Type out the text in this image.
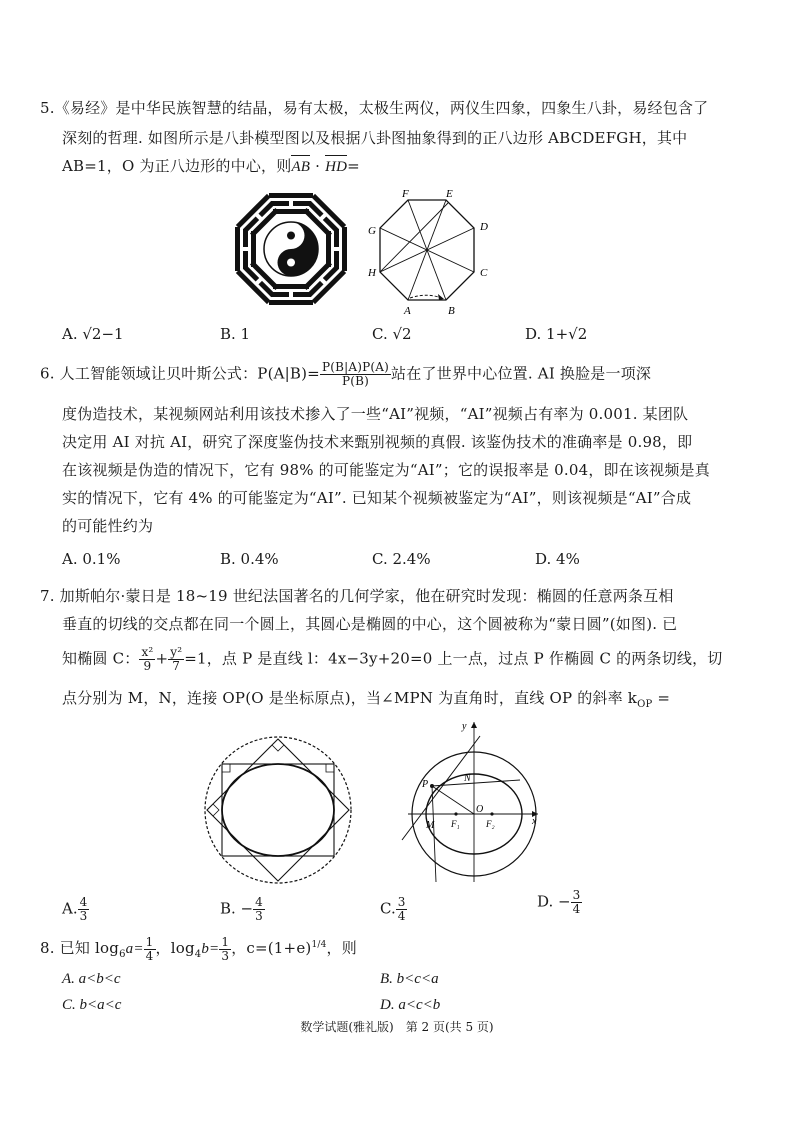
5.《易经》是中华民族智慧的结晶，易有太极，太极生两仪，两仪生四象，四象生八卦，易经包含了
深刻的哲理. 如图所示是八卦模型图以及根据八卦图抽象得到的正八边形 ABCDEFGH，其中
AB=1，O 为正八边形的中心，则AB · HD=
A	B
C
D
E
F
G
H
A. √2−1	B. 1	C. √2	D. 1+√2
6. 人工智能领域让贝叶斯公式：$P(A|B)= \frac{P(B|A)P(A)}{P(B)}$ 站在了世界中心位置. AI 换脸是一项深
度伪造技术，某视频网站利用该技术掺入了一些“AI”视频，“AI”视频占有率为 0.001. 某团队
决定用 AI 对抗 AI，研究了深度鉴伪技术来甄别视频的真假. 该鉴伪技术的准确率是 0.98，即
在该视频是伪造的情况下，它有 98% 的可能鉴定为“AI”；它的误报率是 0.04，即在该视频是真
实的情况下，它有 4% 的可能鉴定为“AI”. 已知某个视频被鉴定为“AI”，则该视频是“AI”合成
的可能性约为
A. 0.1%	B. 0.4%	C. 2.4%	D. 4%
7. 加斯帕尔·蒙日是 18~19 世纪法国著名的几何学家，他在研究时发现：椭圆的任意两条互相
垂直的切线的交点都在同一个圆上，其圆心是椭圆的中心，这个圆被称为“蒙日圆”(如图). 已
知椭圆 C： $\frac{\text{x²}}{9} + \frac{\text{y²}}{7} =1$，点 P 是直线 l：4x−3y+20=0 上一点，过点 P 作椭圆 C 的两条切线，切
点分别为 M，N，连接 OP(O 是坐标原点)，当∠MPN 为直角时，直线 OP 的斜率 $k_{OP}$ =
y
x
P
N
M
O
F₁	F₂
A. $\frac{4}{3}$	B. − $\frac{4}{3}$	C. $\frac{3}{4}$	D. − $\frac{3}{4}$
8. 已知 $\log_6a= \frac{1}{4}$ ，$\log_4b= \frac{1}{3}$ ，$c=(1+e)^{1/4}$，则
A. a<b<c	B. b<c<a
C. b<a<c	D. a<c<b
数学试题(雅礼版)　第 2 页(共 5 页)
